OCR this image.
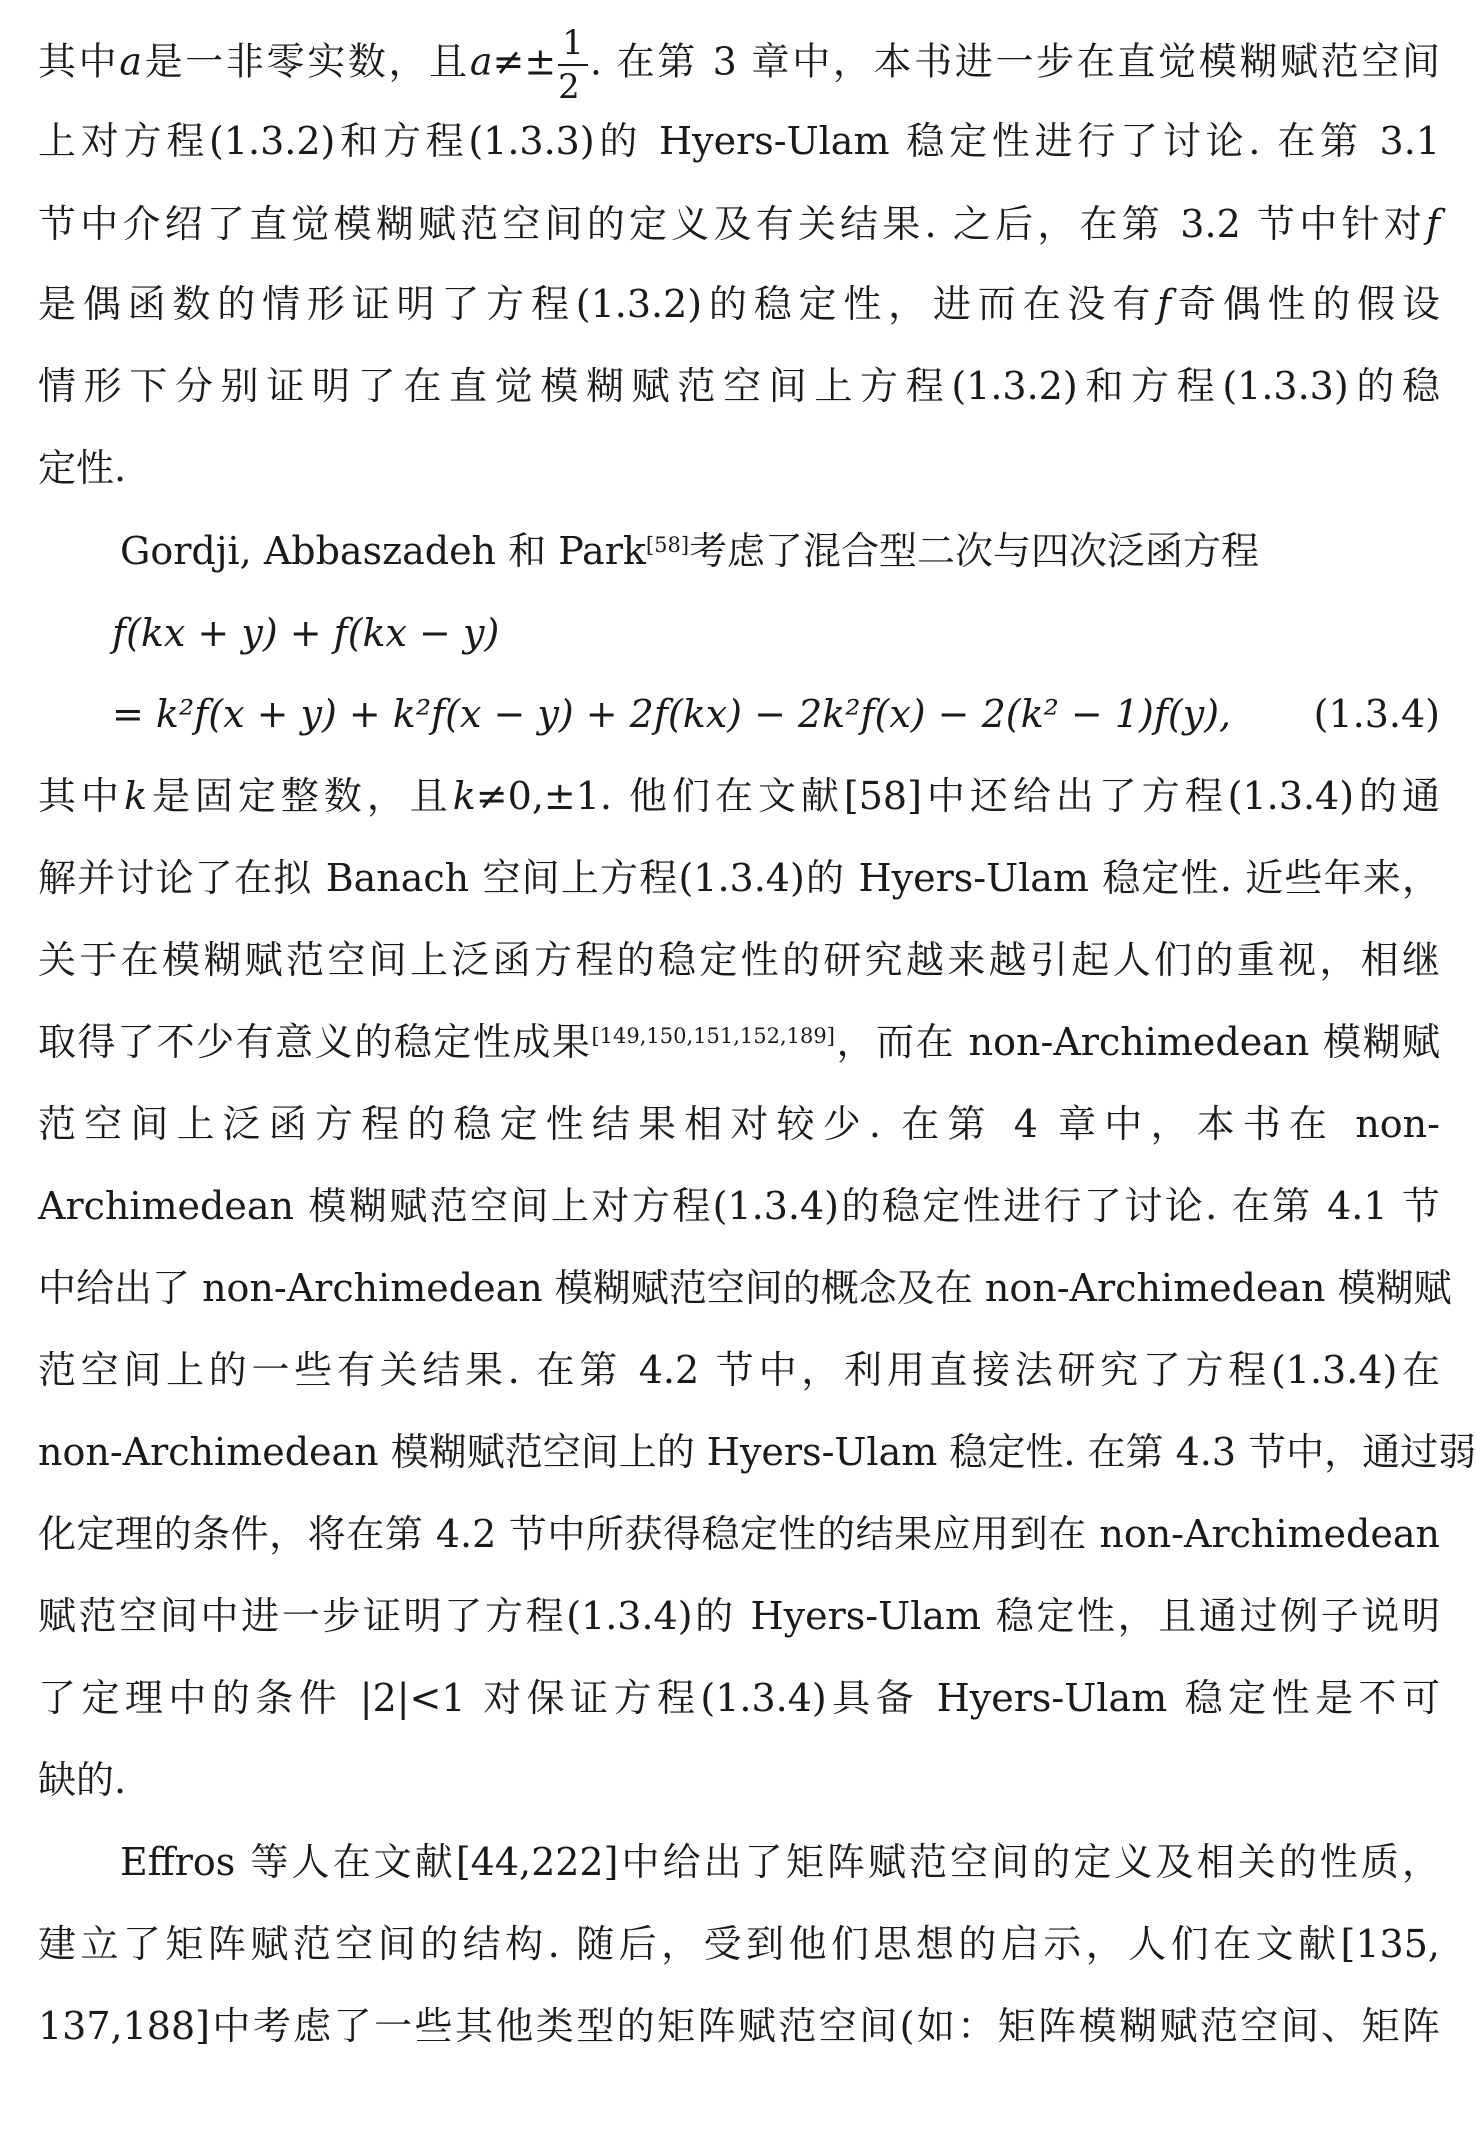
其中a是一非零实数，且$a\ne\pm \frac{1}{2}$ . 在第 3 章中，本书进一步在直觉模糊赋范空间
上对方程(1.3.2)和方程(1.3.3)的 Hyers-Ulam 稳定性进行了讨论. 在第 3.1
节中介绍了直觉模糊赋范空间的定义及有关结果. 之后，在第 3.2 节中针对f
是偶函数的情形证明了方程(1.3.2)的稳定性，进而在没有f奇偶性的假设
情形下分别证明了在直觉模糊赋范空间上方程(1.3.2)和方程(1.3.3)的稳
定性.
Gordji, Abbaszadeh 和 Park[58]考虑了混合型二次与四次泛函方程
f(kx + y) + f(kx − y)
= k²f(x + y) + k²f(x − y) + 2f(kx) − 2k²f(x) − 2(k² − 1)f(y), (1.3.4)
其中k是固定整数，且k≠0,±1. 他们在文献[58]中还给出了方程(1.3.4)的通
解并讨论了在拟 Banach 空间上方程(1.3.4)的 Hyers-Ulam 稳定性. 近些年来，
关于在模糊赋范空间上泛函方程的稳定性的研究越来越引起人们的重视，相继
取得了不少有意义的稳定性成果[149,150,151,152,189]，而在 non-Archimedean 模糊赋
范空间上泛函方程的稳定性结果相对较少. 在第 4 章中，本书在 non-
Archimedean 模糊赋范空间上对方程(1.3.4)的稳定性进行了讨论. 在第 4.1 节
中给出了 non-Archimedean 模糊赋范空间的概念及在 non-Archimedean 模糊赋
范空间上的一些有关结果. 在第 4.2 节中，利用直接法研究了方程(1.3.4)在
non-Archimedean 模糊赋范空间上的 Hyers-Ulam 稳定性. 在第 4.3 节中，通过弱
化定理的条件，将在第 4.2 节中所获得稳定性的结果应用到在 non-Archimedean
赋范空间中进一步证明了方程(1.3.4)的 Hyers-Ulam 稳定性，且通过例子说明
了定理中的条件 |2|<1 对保证方程(1.3.4)具备 Hyers-Ulam 稳定性是不可
缺的.
Effros 等人在文献[44,222]中给出了矩阵赋范空间的定义及相关的性质，
建立了矩阵赋范空间的结构. 随后，受到他们思想的启示，人们在文献[135,
137,188]中考虑了一些其他类型的矩阵赋范空间(如：矩阵模糊赋范空间、矩阵
